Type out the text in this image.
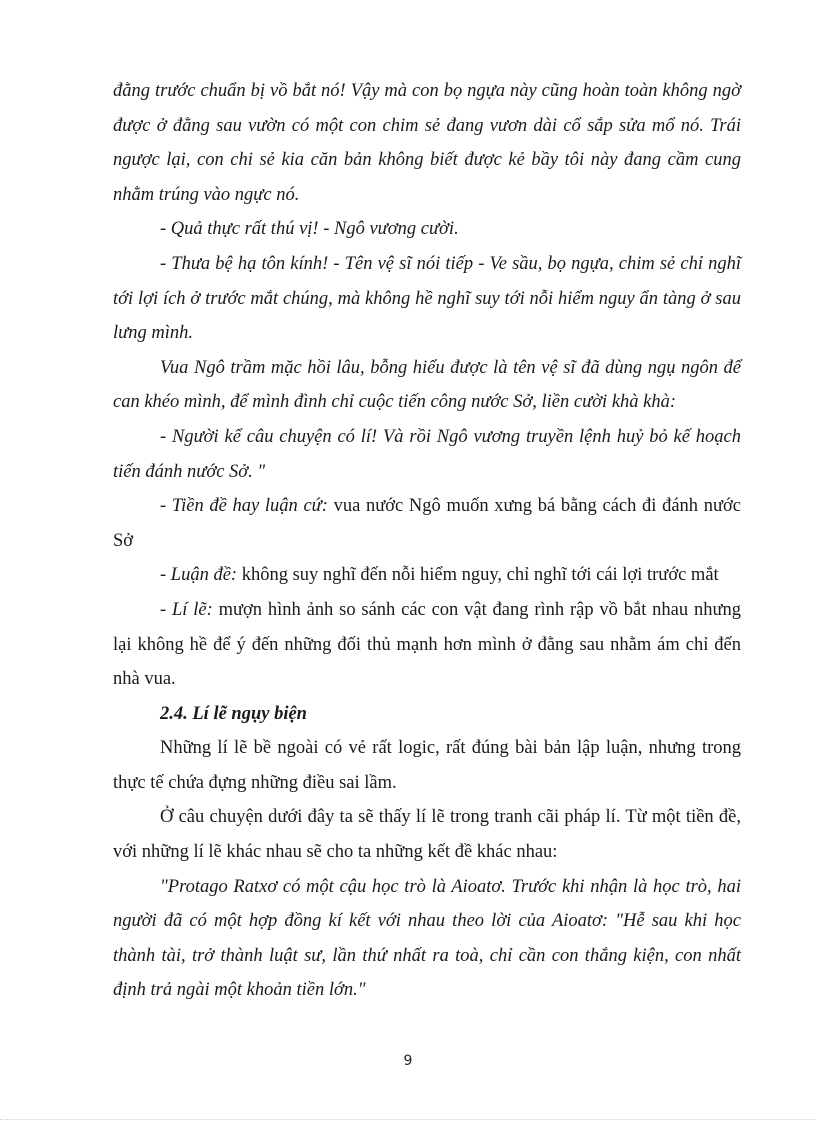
đằng trước chuẩn bị vồ bắt nó! Vậy mà con bọ ngựa này cũng hoàn toàn không ngờ được ở đằng sau vườn có một con chim sẻ đang vươn dài cổ sắp sửa mổ nó. Trái ngược lại, con chi sẻ kia căn bản không biết được kẻ bầy tôi này đang cầm cung nhằm trúng vào ngực nó.

- Quả thực rất thú vị! - Ngô vương cười.

- Thưa bệ hạ tôn kính! - Tên vệ sĩ nói tiếp - Ve sầu, bọ ngựa, chim sẻ chỉ nghĩ tới lợi ích ở trước mắt chúng, mà không hề nghĩ suy tới nỗi hiểm nguy ẩn tàng ở sau lưng mình.

Vua Ngô trầm mặc hồi lâu, bỗng hiểu được là tên vệ sĩ đã dùng ngụ ngôn để can khéo mình, để mình đình chỉ cuộc tiến công nước Sở, liền cười khà khà:

- Người kể câu chuyện có lí! Và rồi Ngô vương truyền lệnh huỷ bỏ kế hoạch tiến đánh nước Sở. "

- Tiền đề hay luận cứ: vua nước Ngô muốn xưng bá bằng cách đi đánh nước Sở

- Luận đề: không suy nghĩ đến nỗi hiểm nguy, chỉ nghĩ tới cái lợi trước mắt

- Lí lẽ: mượn hình ảnh so sánh các con vật đang rình rập vồ bắt nhau nhưng lại không hề để ý đến những đối thủ mạnh hơn mình ở đằng sau nhằm ám chỉ đến nhà vua.

2.4. Lí lẽ ngụy biện

Những lí lẽ bề ngoài có vẻ rất logic, rất đúng bài bản lập luận, nhưng trong thực tế chứa đựng những điều sai lầm.

Ở câu chuyện dưới đây ta sẽ thấy lí lẽ trong tranh cãi pháp lí. Từ một tiền đề, với những lí lẽ khác nhau sẽ cho ta những kết đề khác nhau:

"Protago Ratxơ có một cậu học trò là Aioatơ. Trước khi nhận là học trò, hai người đã có một hợp đồng kí kết với nhau theo lời của Aioatơ: "Hễ sau khi học thành tài, trở thành luật sư, lần thứ nhất ra toà, chỉ cần con thắng kiện, con nhất định trả ngài một khoản tiền lớn."

9
